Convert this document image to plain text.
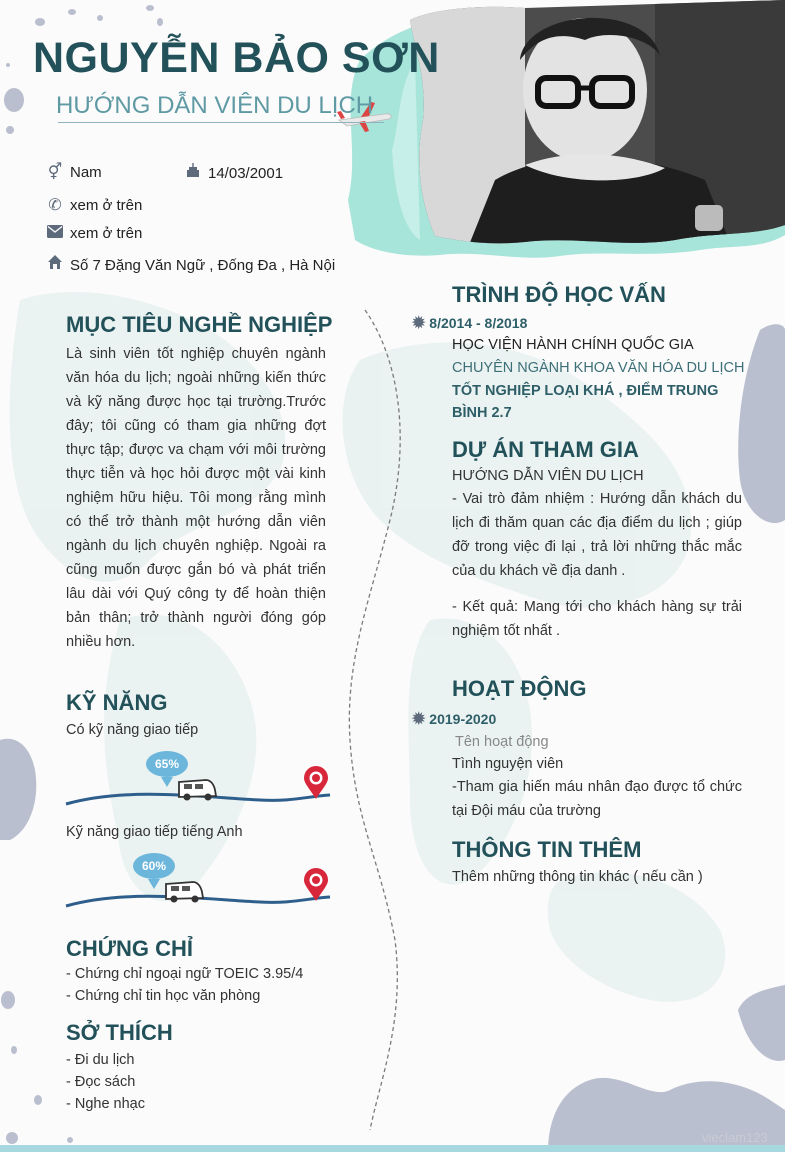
NGUYỄN BẢO SƠN
HƯỚNG DẪN VIÊN DU LỊCH
⚥ Nam	14/03/2001
✆ xem ở trên
xem ở trên
Số 7 Đặng Văn Ngữ , Đống Đa , Hà Nội
MỤC TIÊU NGHỀ NGHIỆP
Là sinh viên tốt nghiệp chuyên ngành văn hóa du lịch; ngoài những kiến thức và kỹ năng được học tại trường.Trước đây; tôi cũng có tham gia những đợt thực tập; được va chạm với môi trường thực tiễn và học hỏi được một vài kinh nghiệm hữu hiệu. Tôi mong rằng mình có thể trở thành một hướng dẫn viên ngành du lịch chuyên nghiệp. Ngoài ra cũng muốn được gắn bó và phát triển lâu dài với Quý công ty để hoàn thiện bản thân; trở thành người đóng góp nhiều hơn.
KỸ NĂNG
Có kỹ năng giao tiếp
65%
Kỹ năng giao tiếp tiếng Anh
60%
CHỨNG CHỈ
- Chứng chỉ ngoại ngữ TOEIC 3.95/4
- Chứng chỉ tin học văn phòng
SỞ THÍCH
- Đi du lịch
- Đọc sách
- Nghe nhạc
TRÌNH ĐỘ HỌC VẤN
✹ 8/2014 - 8/2018
HỌC VIỆN HÀNH CHÍNH QUỐC GIA
CHUYÊN NGÀNH KHOA VĂN HÓA DU LỊCH
TỐT NGHIỆP LOẠI KHÁ , ĐIỂM TRUNG BÌNH 2.7
DỰ ÁN THAM GIA
HƯỚNG DẪN VIÊN DU LỊCH
- Vai trò đảm nhiệm : Hướng dẫn khách du lịch đi thăm quan các địa điểm du lịch ; giúp đỡ trong việc đi lại , trả lời những thắc mắc của du khách về địa danh .
- Kết quả: Mang tới cho khách hàng sự trải nghiệm tốt nhất .
HOẠT ĐỘNG
✹ 2019-2020
Tên hoạt động
Tình nguyện viên
-Tham gia hiến máu nhân đạo được tổ chức tại Đội máu của trường
THÔNG TIN THÊM
Thêm những thông tin khác ( nếu cần )
vieclam123
